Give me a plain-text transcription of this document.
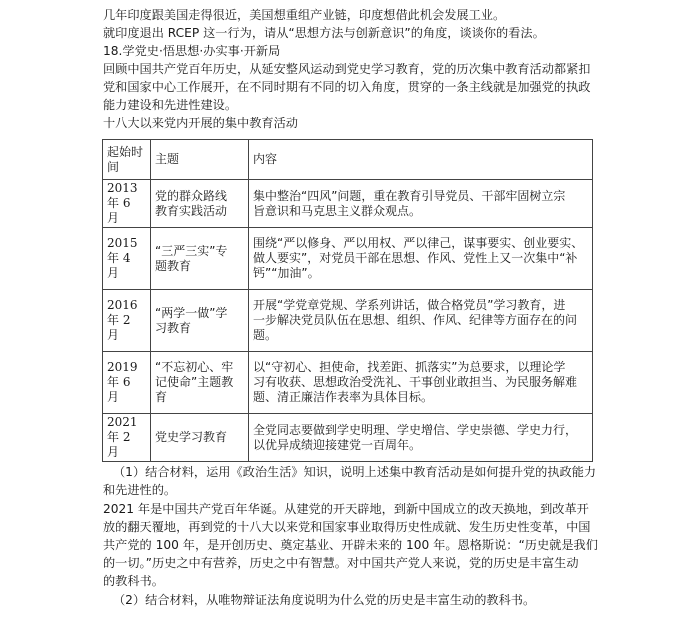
几年印度跟美国走得很近，美国想重组产业链，印度想借此机会发展工业。
就印度退出 RCEP 这一行为，请从“思想方法与创新意识”的角度，谈谈你的看法。
18.学党史·悟思想·办实事·开新局
回顾中国共产党百年历史，从延安整风运动到党史学习教育，党的历次集中教育活动都紧扣
党和国家中心工作展开，在不同时期有不同的切入角度，贯穿的一条主线就是加强党的执政
能力建设和先进性建设。
十八大以来党内开展的集中教育活动
起始时间	主题	内容

2013
年 6 月	党的群众路线
教育实践活动	集中整治“四风”问题，重在教育引导党员、干部牢固树立宗
旨意识和马克思主义群众观点。

2015
年 4 月	“三严三实”专
题教育	围绕“严以修身、严以用权、严以律己，谋事要实、创业要实、
做人要实”，对党员干部在思想、作风、党性上又一次集中“补
钙”“加油”。

2016
年 2 月	“两学一做”学
习教育	开展“学党章党规、学系列讲话，做合格党员”学习教育，进
一步解决党员队伍在思想、组织、作风、纪律等方面存在的问
题。

2019
年 6 月	“不忘初心、牢
记使命”主题教
育	以“守初心、担使命，找差距、抓落实”为总要求，以理论学
习有收获、思想政治受洗礼、干事创业敢担当、为民服务解难
题、清正廉洁作表率为具体目标。

2021
年 2 月	党史学习教育	全党同志要做到学史明理、学史增信、学史崇德、学史力行，
以优异成绩迎接建党一百周年。
（1）结合材料，运用《政治生活》知识，说明上述集中教育活动是如何提升党的执政能力
和先进性的。
2021 年是中国共产党百年华诞。从建党的开天辟地，到新中国成立的改天换地，到改革开
放的翻天覆地，再到党的十八大以来党和国家事业取得历史性成就、发生历史性变革，中国
共产党的 100 年，是开创历史、奠定基业、开辟未来的 100 年。恩格斯说：“历史就是我们
的一切。”历史之中有营养，历史之中有智慧。对中国共产党人来说，党的历史是丰富生动
的教科书。
（2）结合材料，从唯物辩证法角度说明为什么党的历史是丰富生动的教科书。
